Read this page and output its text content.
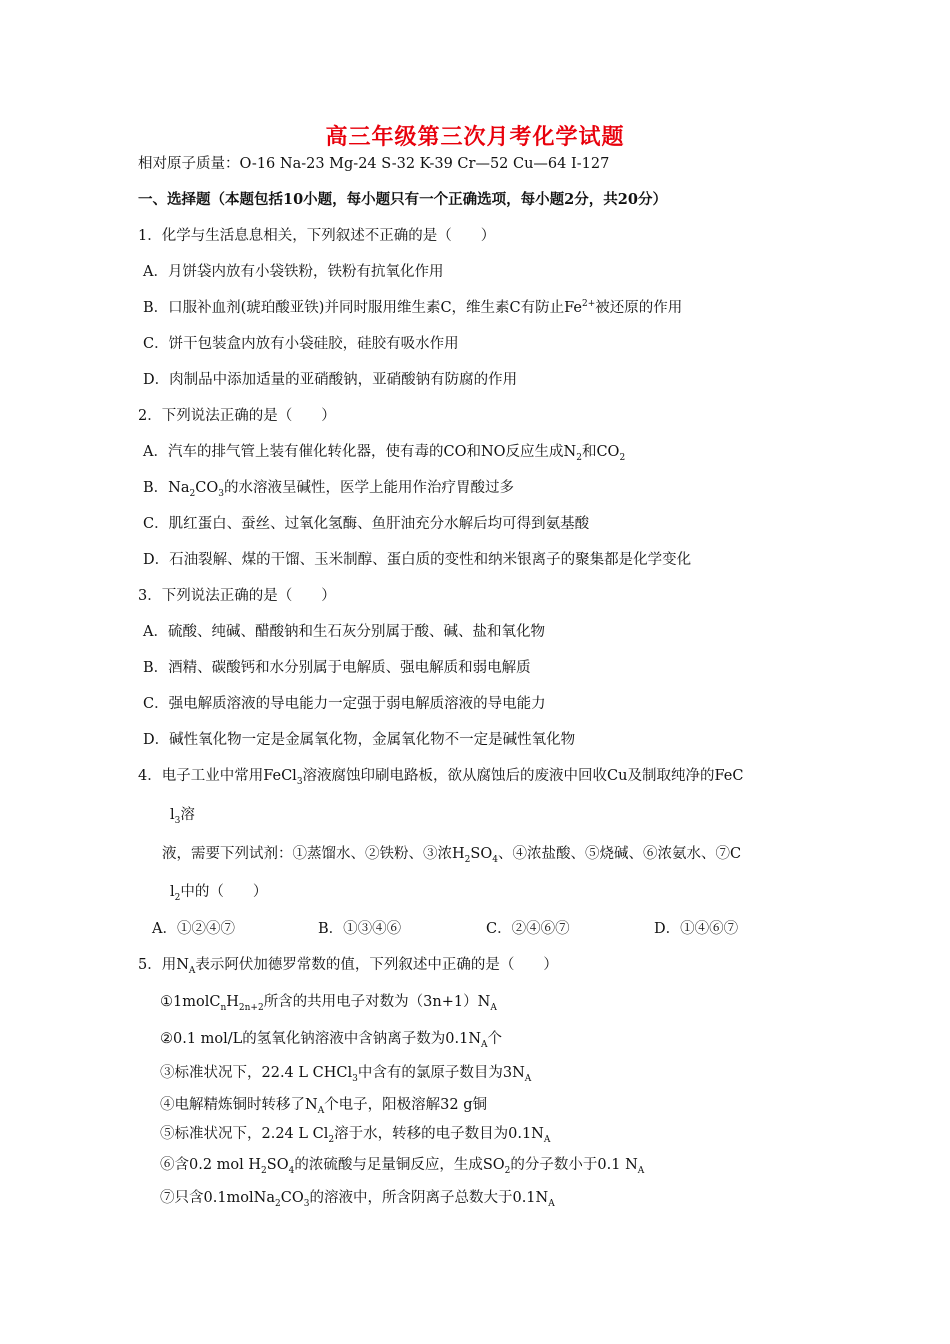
高三年级第三次月考化学试题
相对原子质量：O-16 Na-23 Mg-24 S-32 K-39 Cr—52 Cu—64 I-127
一、选择题（本题包括10小题，每小题只有一个正确选项，每小题2分，共20分）
1．化学与生活息息相关，下列叙述不正确的是（　　）
A．月饼袋内放有小袋铁粉，铁粉有抗氧化作用
B．口服补血剂(琥珀酸亚铁)并同时服用维生素C，维生素C有防止$Fe^{2+}$被还原的作用
C．饼干包装盒内放有小袋硅胶，硅胶有吸水作用
D．肉制品中添加适量的亚硝酸钠，亚硝酸钠有防腐的作用
2．下列说法正确的是（　　）
A．汽车的排气管上装有催化转化器，使有毒的CO和NO反应生成$N_2$和$CO_2$
B．$Na_2CO_3$的水溶液呈碱性，医学上能用作治疗胃酸过多
C．肌红蛋白、蚕丝、过氧化氢酶、鱼肝油充分水解后均可得到氨基酸
D．石油裂解、煤的干馏、玉米制醇、蛋白质的变性和纳米银离子的聚集都是化学变化
3．下列说法正确的是（　　）
A．硫酸、纯碱、醋酸钠和生石灰分别属于酸、碱、盐和氧化物
B．酒精、碳酸钙和水分别属于电解质、强电解质和弱电解质
C．强电解质溶液的导电能力一定强于弱电解质溶液的导电能力
D．碱性氧化物一定是金属氧化物，金属氧化物不一定是碱性氧化物
4．电子工业中常用FeCl$_3$溶液腐蚀印刷电路板，欲从腐蚀后的废液中回收Cu及制取纯净的FeC
$l_3$溶
液，需要下列试剂：①蒸馏水、②铁粉、③浓$H_2SO_4$、④浓盐酸、⑤烧碱、⑥浓氨水、⑦C
$l_2$中的（　　）
A．①②④⑦	B．①③④⑥	C．②④⑥⑦	D．①④⑥⑦
5．用$N_A$表示阿伏加德罗常数的值，下列叙述中正确的是（　　）
$①1molC_nH_{2n+2}$所含的共用电子对数为$(3n+1)N_A$
②0.1 mol/L的氢氧化钠溶液中含钠离子数为$0.1N_A$个
③标准状况下，22.4 L CHCl$_3$中含有的氯原子数目为$3N_A$
④电解精炼铜时转移了$N_A$个电子，阳极溶解32 g铜
⑤标准状况下，2.24 L $Cl_2$溶于水，转移的电子数目为$0.1N_A$
⑥含0.2 mol $H_2SO_4$的浓硫酸与足量铜反应，生成$SO_2$的分子数小于0.1 $N_A$
⑦只含$0.1molNa_2CO_3$的溶液中，所含阴离子总数大于$0.1N_A$
